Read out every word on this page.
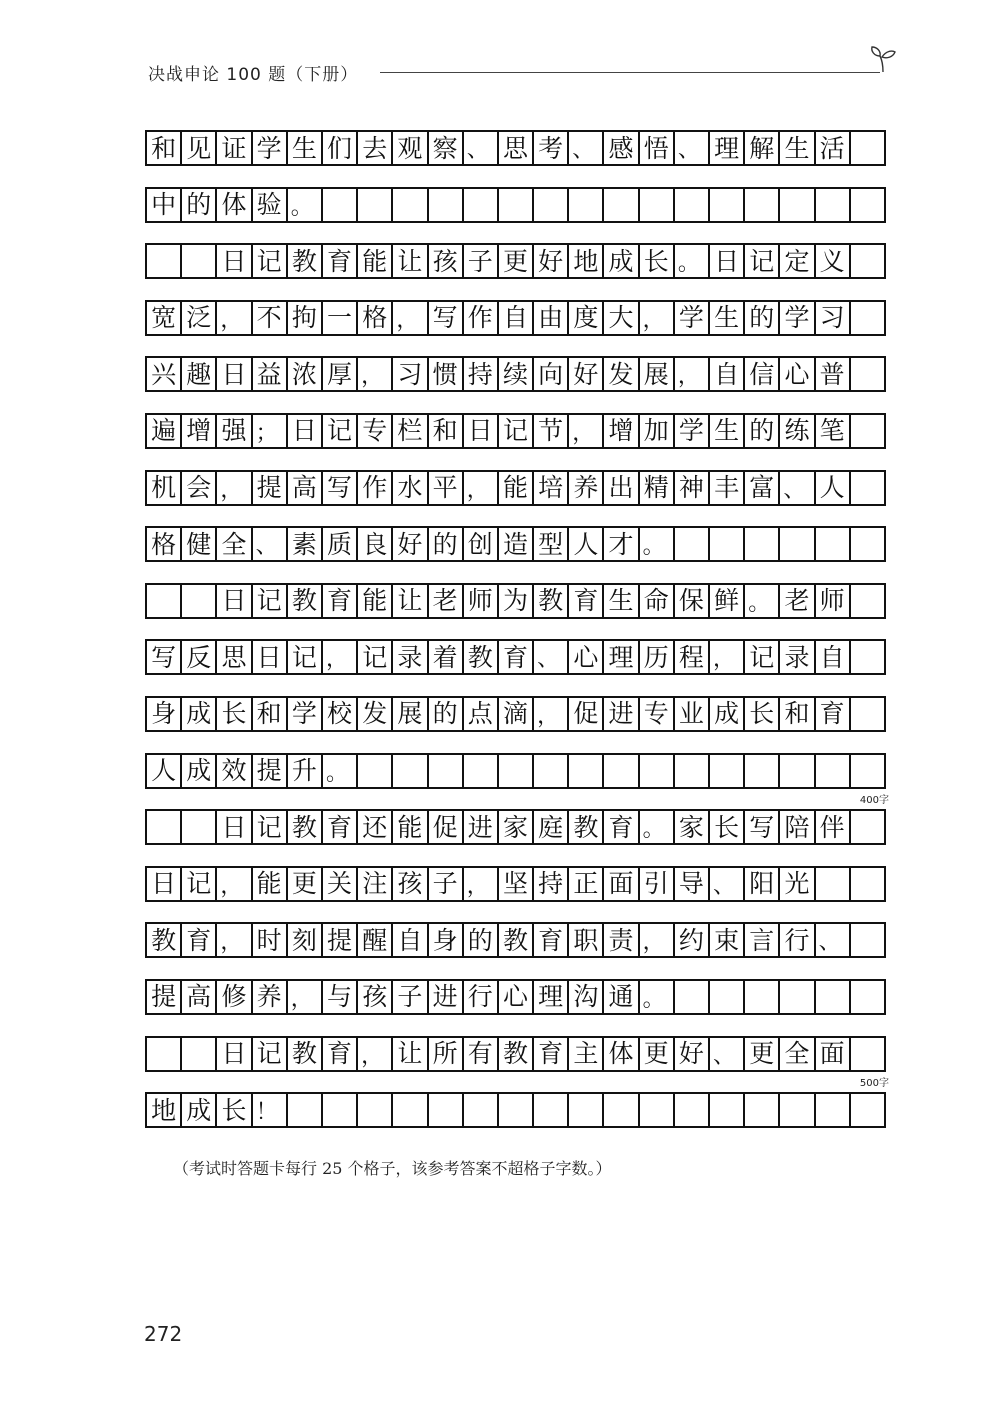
决战申论 100 题（下册）
和 见 证 学 生 们 去 观 察 、 思 考 、 感 悟 、 理 解 生 活
中 的 体 验 。
日 记 教 育 能 让 孩 子 更 好 地 成 长 。 日 记 定 义
宽 泛 ， 不 拘 一 格 ， 写 作 自 由 度 大 ， 学 生 的 学 习
兴 趣 日 益 浓 厚 ， 习 惯 持 续 向 好 发 展 ， 自 信 心 普
遍 增 强 ； 日 记 专 栏 和 日 记 节 ， 增 加 学 生 的 练 笔
机 会 ， 提 高 写 作 水 平 ， 能 培 养 出 精 神 丰 富 、 人
格 健 全 、 素 质 良 好 的 创 造 型 人 才 。
日 记 教 育 能 让 老 师 为 教 育 生 命 保 鲜 。 老 师
写 反 思 日 记 ， 记 录 着 教 育 、 心 理 历 程 ， 记 录 自
身 成 长 和 学 校 发 展 的 点 滴 ， 促 进 专 业 成 长 和 育
人 成 效 提 升 。
日 记 教 育 还 能 促 进 家 庭 教 育 。 家 长 写 陪 伴
日 记 ， 能 更 关 注 孩 子 ， 坚 持 正 面 引 导 、 阳 光
教 育 ， 时 刻 提 醒 自 身 的 教 育 职 责 ， 约 束 言 行 、
提 高 修 养 ， 与 孩 子 进 行 心 理 沟 通 。
日 记 教 育 ， 让 所 有 教 育 主 体 更 好 、 更 全 面
地 成 长 ！
400字
500字
（考试时答题卡每行 25 个格子，该参考答案不超格子字数。）
272
